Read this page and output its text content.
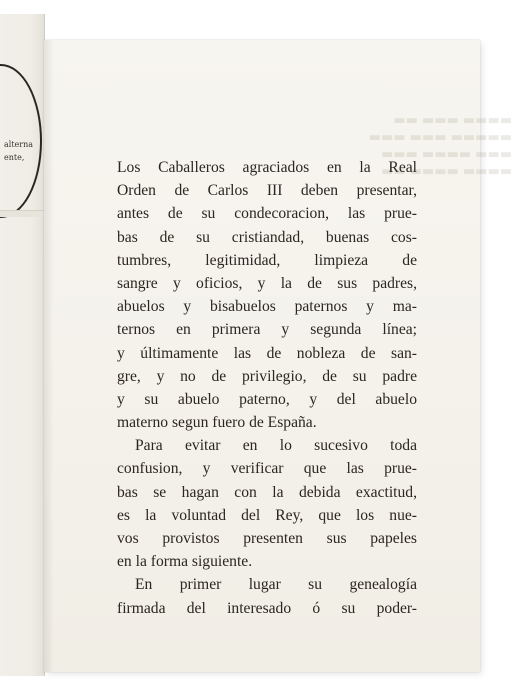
alterna
ente,
▬▬▬▬ ▬▬▬ ▬▬
▬▬▬▬▬ ▬▬▬ ▬▬▬
▬▬▬ ▬▬▬▬ ▬▬▬
▬▬▬▬ ▬▬▬▬ ▬▬
Los Caballeros agraciados en la Real
Orden de Carlos III deben presentar,
antes de su condecoracion, las prue-
bas de su cristiandad, buenas cos-
tumbres, legitimidad, limpieza de
sangre y oficios, y la de sus padres,
abuelos y bisabuelos paternos y ma-
ternos en primera y segunda línea;
y últimamente las de nobleza de san-
gre, y no de privilegio, de su padre
y su abuelo paterno, y del abuelo
materno segun fuero de España.
Para evitar en lo sucesivo toda
confusion, y verificar que las prue-
bas se hagan con la debida exactitud,
es la voluntad del Rey, que los nue-
vos provistos presenten sus papeles
en la forma siguiente.
En primer lugar su genealogía
firmada del interesado ó su poder-
